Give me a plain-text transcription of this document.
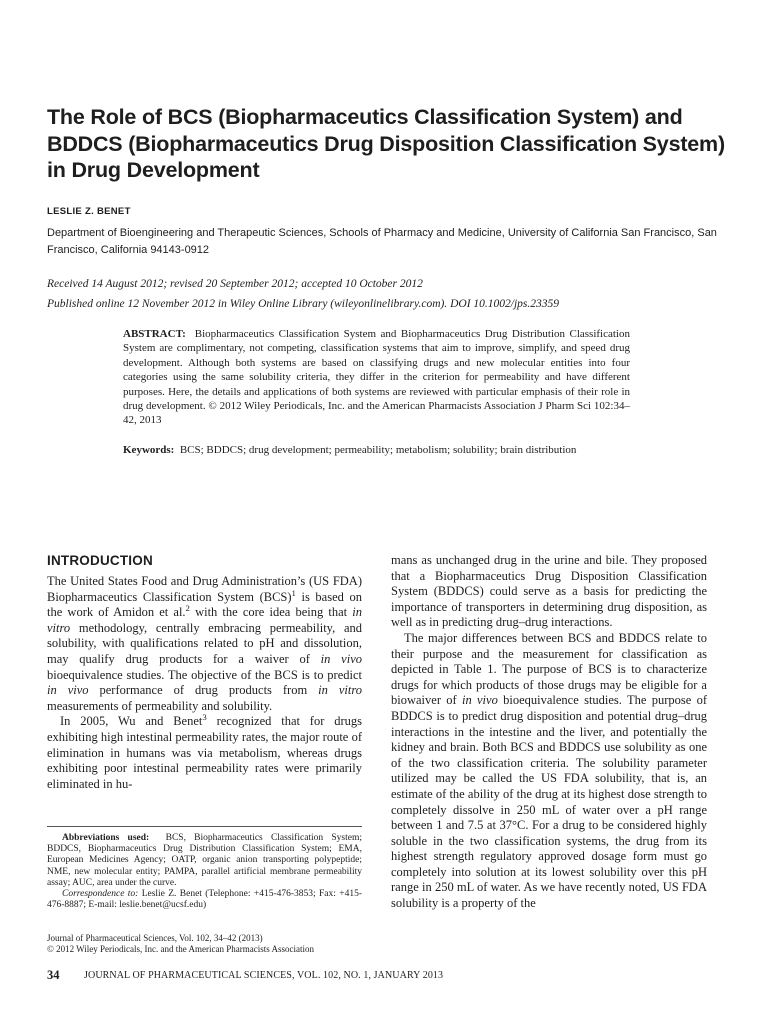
The Role of BCS (Biopharmaceutics Classification System) and BDDCS (Biopharmaceutics Drug Disposition Classification System) in Drug Development
LESLIE Z. BENET
Department of Bioengineering and Therapeutic Sciences, Schools of Pharmacy and Medicine, University of California San Francisco, San Francisco, California 94143-0912
Received 14 August 2012; revised 20 September 2012; accepted 10 October 2012
Published online 12 November 2012 in Wiley Online Library (wileyonlinelibrary.com). DOI 10.1002/jps.23359
ABSTRACT: Biopharmaceutics Classification System and Biopharmaceutics Drug Distribution Classification System are complimentary, not competing, classification systems that aim to improve, simplify, and speed drug development. Although both systems are based on classifying drugs and new molecular entities into four categories using the same solubility criteria, they differ in the criterion for permeability and have different purposes. Here, the details and applications of both systems are reviewed with particular emphasis of their role in drug development. © 2012 Wiley Periodicals, Inc. and the American Pharmacists Association J Pharm Sci 102:34–42, 2013
Keywords: BCS; BDDCS; drug development; permeability; metabolism; solubility; brain distribution
INTRODUCTION

The United States Food and Drug Administration’s (US FDA) Biopharmaceutics Classification System (BCS)$^1$ is based on the work of Amidon et al.$^2$ with the core idea being that in vitro methodology, centrally embracing permeability, and solubility, with qualifications related to pH and dissolution, may qualify drug products for a waiver of in vivo bioequivalence studies. The objective of the BCS is to predict in vivo performance of drug products from in vitro measurements of permeability and solubility.

In 2005, Wu and Benet$^3$ recognized that for drugs exhibiting high intestinal permeability rates, the major route of elimination in humans was via metabolism, whereas drugs exhibiting poor intestinal permeability rates were primarily eliminated in hu-

mans as unchanged drug in the urine and bile. They proposed that a Biopharmaceutics Drug Disposition Classification System (BDDCS) could serve as a basis for predicting the importance of transporters in determining drug disposition, as well as in predicting drug–drug interactions.

The major differences between BCS and BDDCS relate to their purpose and the measurement for classification as depicted in Table 1. The purpose of BCS is to characterize drugs for which products of those drugs may be eligible for a biowaiver of in vivo bioequivalence studies. The purpose of BDDCS is to predict drug disposition and potential drug–drug interactions in the intestine and the liver, and potentially the kidney and brain. Both BCS and BDDCS use solubility as one of the two classification criteria. The solubility parameter utilized may be called the US FDA solubility, that is, an estimate of the ability of the drug at its highest dose strength to completely dissolve in 250 mL of water over a pH range between 1 and 7.5 at 37°C. For a drug to be considered highly soluble in the two classification systems, the drug from its highest strength regulatory approved dosage form must go completely into solution at its lowest solubility over this pH range in 250 mL of water. As we have recently noted, US FDA solubility is a property of the

Abbreviations used: BCS, Biopharmaceutics Classification System; BDDCS, Biopharmaceutics Drug Distribution Classification System; EMA, European Medicines Agency; OATP, organic anion transporting polypeptide; NME, new molecular entity; PAMPA, parallel artificial membrane permeability assay; AUC, area under the curve.

Correspondence to: Leslie Z. Benet (Telephone: +415-476-3853; Fax: +415-476-8887; E-mail: leslie.benet@ucsf.edu)

Journal of Pharmaceutical Sciences, Vol. 102, 34–42 (2013)
© 2012 Wiley Periodicals, Inc. and the American Pharmacists Association
34 JOURNAL OF PHARMACEUTICAL SCIENCES, VOL. 102, NO. 1, JANUARY 2013
